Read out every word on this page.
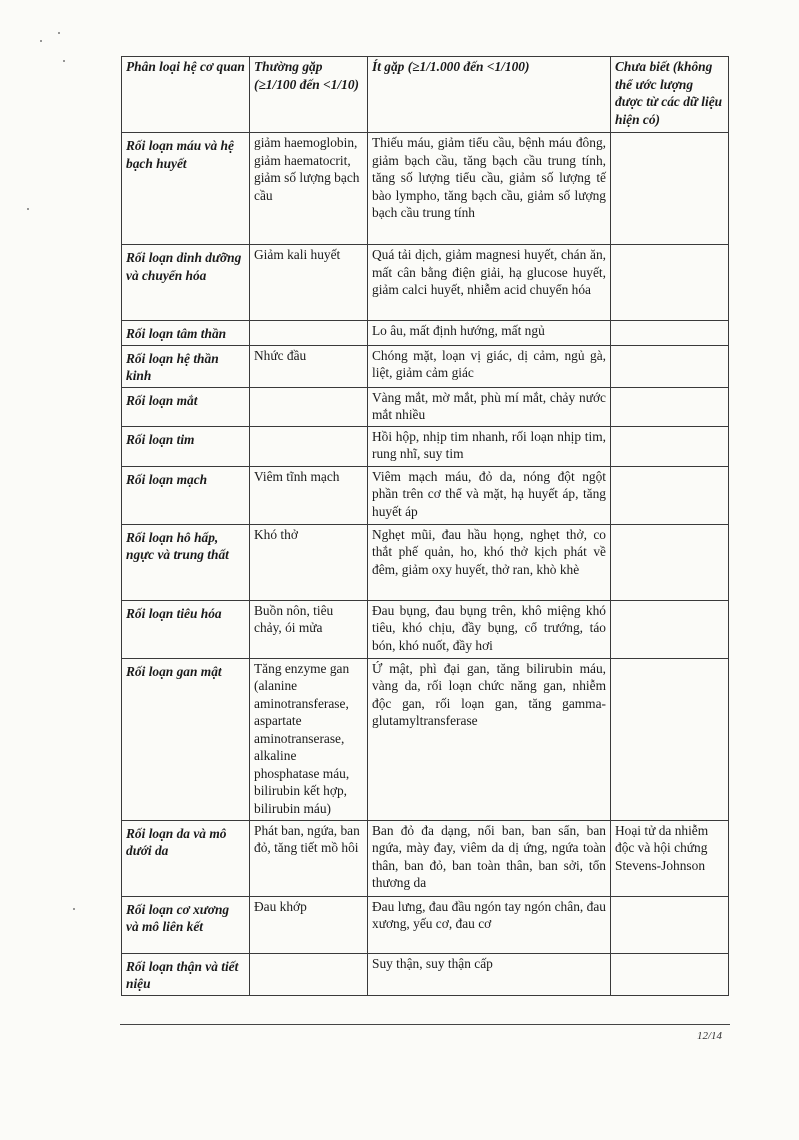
Phân loại hệ cơ quan	Thường gặp (≥1/100 đến <1/10)	Ít gặp (≥1/1.000 đến <1/100)	Chưa biết (không thể ước lượng được từ các dữ liệu hiện có)
Rối loạn máu và hệ bạch huyết	giảm haemoglobin, giảm haematocrit, giảm số lượng bạch cầu	Thiếu máu, giảm tiểu cầu, bệnh máu đông, giảm bạch cầu, tăng bạch cầu trung tính, tăng số lượng tiểu cầu, giảm số lượng tế bào lympho, tăng bạch cầu, giảm số lượng bạch cầu trung tính	
Rối loạn dinh dưỡng và chuyển hóa	Giảm kali huyết	Quá tải dịch, giảm magnesi huyết, chán ăn, mất cân bằng điện giải, hạ glucose huyết, giảm calci huyết, nhiễm acid chuyển hóa	
Rối loạn tâm thần		Lo âu, mất định hướng, mất ngủ	
Rối loạn hệ thần kinh	Nhức đầu	Chóng mặt, loạn vị giác, dị cảm, ngủ gà, liệt, giảm cảm giác	
Rối loạn mắt		Vàng mắt, mờ mắt, phù mí mắt, chảy nước mắt nhiều	
Rối loạn tim		Hồi hộp, nhịp tim nhanh, rối loạn nhịp tim, rung nhĩ, suy tim	
Rối loạn mạch	Viêm tĩnh mạch	Viêm mạch máu, đỏ da, nóng đột ngột phần trên cơ thể và mặt, hạ huyết áp, tăng huyết áp	
Rối loạn hô hấp, ngực và trung thất	Khó thở	Nghẹt mũi, đau hầu họng, nghẹt thở, co thắt phế quản, ho, khó thở kịch phát về đêm, giảm oxy huyết, thở ran, khò khè	
Rối loạn tiêu hóa	Buồn nôn, tiêu chảy, ói mửa	Đau bụng, đau bụng trên, khô miệng khó tiêu, khó chịu, đầy bụng, cổ trướng, táo bón, khó nuốt, đầy hơi	
Rối loạn gan mật	Tăng enzyme gan (alanine aminotransferase, aspartate aminotranserase, alkaline phosphatase máu, bilirubin kết hợp, bilirubin máu)	Ứ mật, phì đại gan, tăng bilirubin máu, vàng da, rối loạn chức năng gan, nhiễm độc gan, rối loạn gan, tăng gamma-glutamyltransferase	
Rối loạn da và mô dưới da	Phát ban, ngứa, ban đỏ, tăng tiết mồ hôi	Ban đỏ đa dạng, nổi ban, ban sẩn, ban ngứa, mày đay, viêm da dị ứng, ngứa toàn thân, ban đỏ, ban toàn thân, ban sởi, tổn thương da	Hoại tử da nhiễm độc và hội chứng Stevens-Johnson
Rối loạn cơ xương và mô liên kết	Đau khớp	Đau lưng, đau đầu ngón tay ngón chân, đau xương, yếu cơ, đau cơ	
Rối loạn thận và tiết niệu		Suy thận, suy thận cấp	
12/14
